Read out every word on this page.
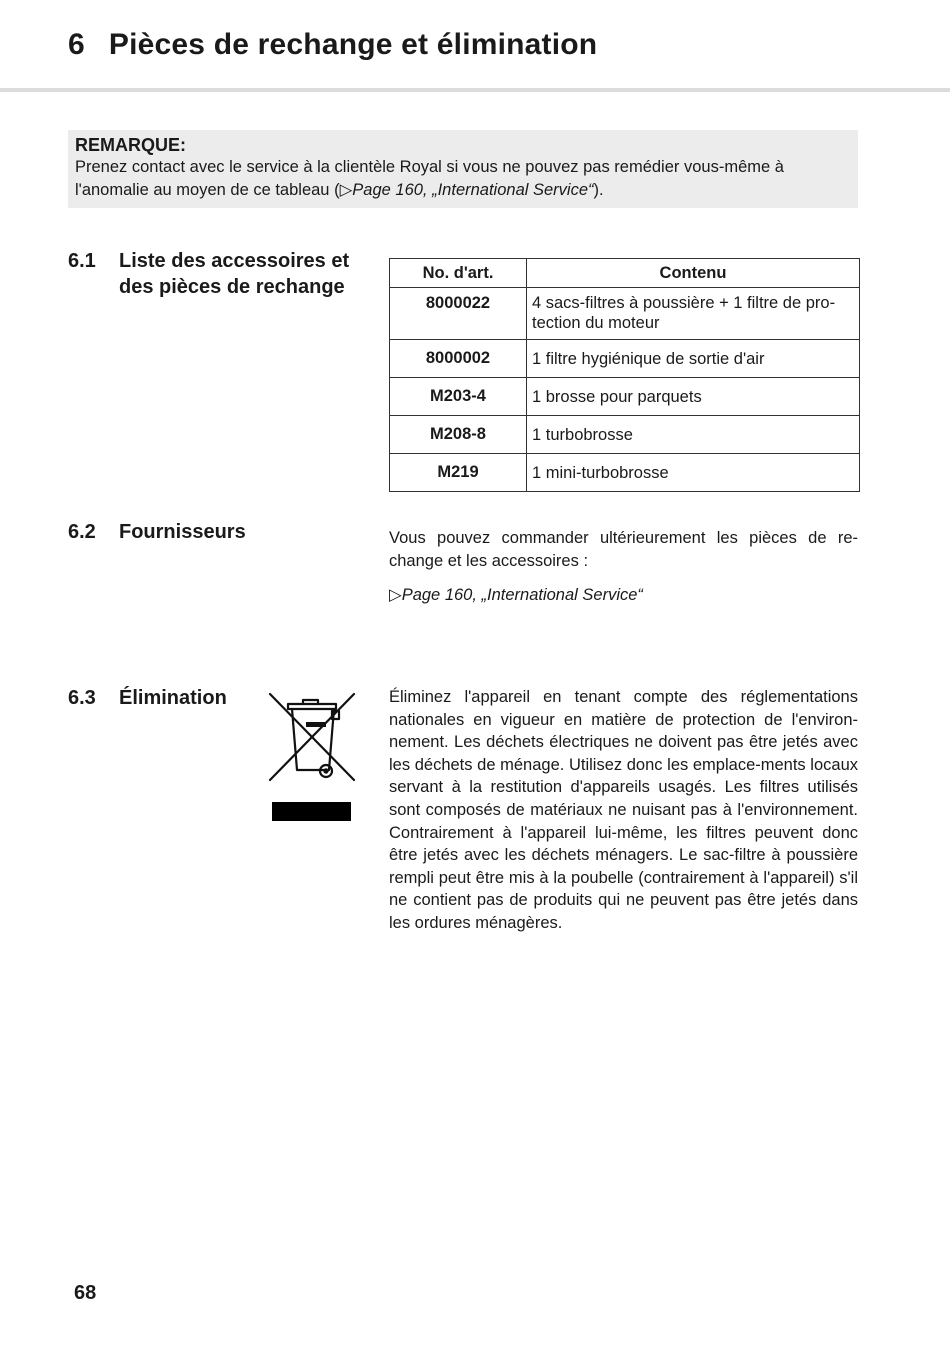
6 Pièces de rechange et élimination
REMARQUE:
Prenez contact avec le service à la clientèle Royal si vous ne pouvez pas remédier vous-même à l'anomalie au moyen de ce tableau (▷Page 160, „International Service“).
6.1 Liste des accessoires et des pièces de rechange
No. d'art.	Contenu
8000022	4 sacs-filtres à poussière + 1 filtre de pro-tection du moteur
8000002	1 filtre hygiénique de sortie d'air
M203-4	1 brosse pour parquets
M208-8	1 turbobrosse
M219	1 mini-turbobrosse
6.2 Fournisseurs	Vous pouvez commander ultérieurement les pièces de re-change et les accessoires :
▷Page 160, „International Service“
6.3 Élimination	Éliminez l'appareil en tenant compte des réglementations nationales en vigueur en matière de protection de l'environ-nement. Les déchets électriques ne doivent pas être jetés avec les déchets de ménage. Utilisez donc les emplace-ments locaux servant à la restitution d'appareils usagés. Les filtres utilisés sont composés de matériaux ne nuisant pas à l'environnement. Contrairement à l'appareil lui-même, les filtres peuvent donc être jetés avec les déchets ménagers. Le sac-filtre à poussière rempli peut être mis à la poubelle (contrairement à l'appareil) s'il ne contient pas de produits qui ne peuvent pas être jetés dans les ordures ménagères.
68
